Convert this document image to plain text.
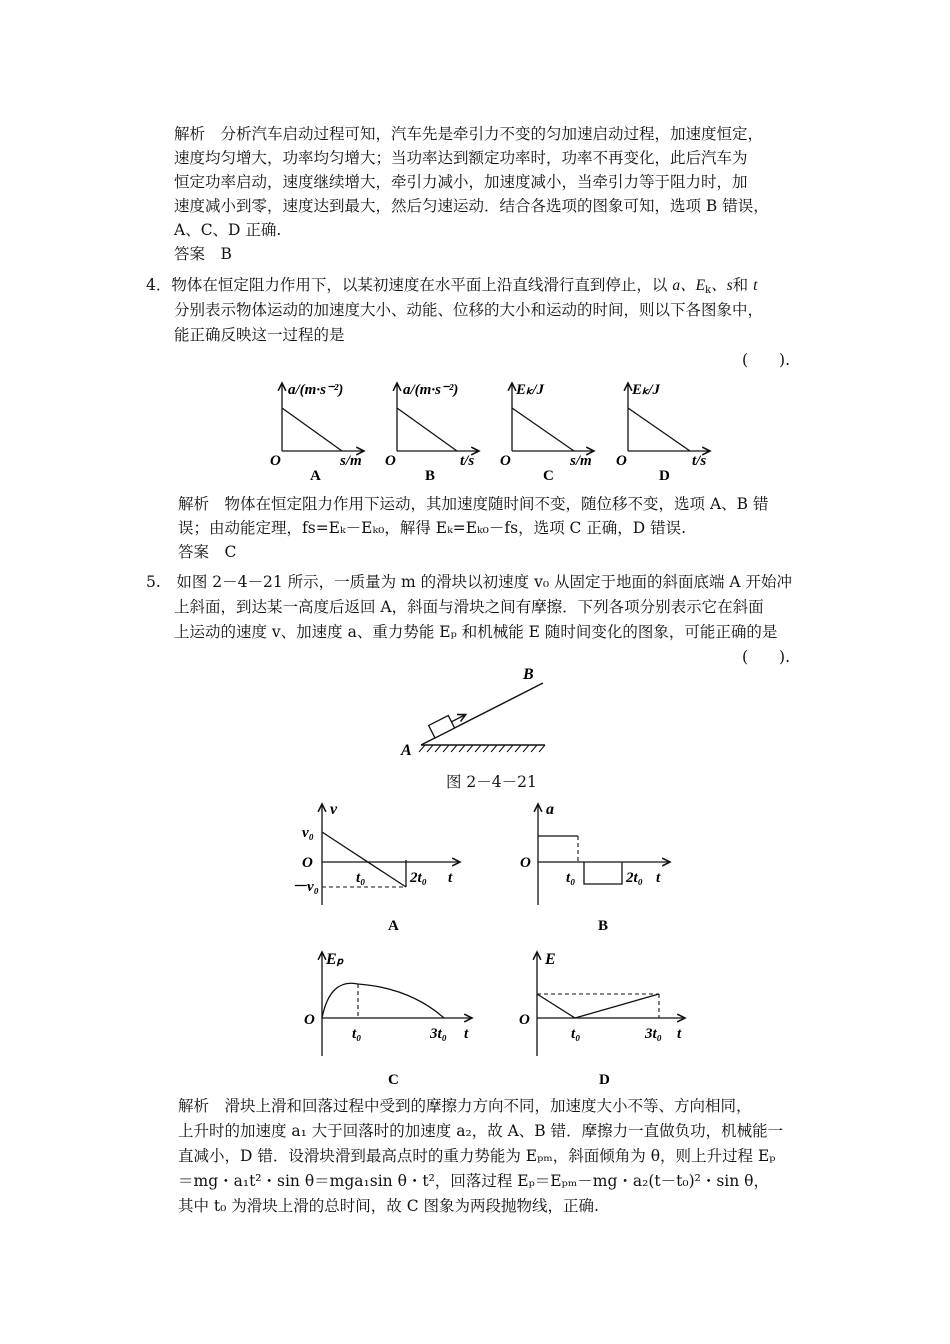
解析　 分析汽车启动过程可知，汽车先是牵引力不变的匀加速启动过程，加速度恒定，
速度均匀增大，功率均匀增大；当功率达到额定功率时，功率不再变化，此后汽车为
恒定功率启动，速度继续增大，牵引力减小，加速度减小，当牵引力等于阻力时，加
速度减小到零，速度达到最大，然后匀速运动．结合各选项的图象可知，选项 B 错误，
A、C、D 正确.
答案　 B
4．物体在恒定阻力作用下，以某初速度在水平面上沿直线滑行直到停止，以 a、$E_k$、s和 t
分别表示物体运动的加速度大小、动能、位移的大小和运动的时间，则以下各图象中，
能正确反映这一过程的是
(　　).
a/(m·s⁻²)
s/m
O
A
a/(m·s⁻²)
t/s
O
B
Eₖ/J
s/m
O
C
Eₖ/J
t/s
O
D
解析　 物体在恒定阻力作用下运动，其加速度随时间不变，随位移不变，选项 A、B 错
误；由动能定理，fs=Eₖ－Eₖ₀，解得 Eₖ=Eₖ₀－fs，选项 C 正确，D 错误.
答案　 C
5.　 如图 2－4－21 所示，一质量为 m 的滑块以初速度 v₀ 从固定于地面的斜面底端 A 开始冲
上斜面，到达某一高度后返回 A，斜面与滑块之间有摩擦．下列各项分别表示它在斜面
上运动的速度 v、加速度 a、重力势能 Eₚ 和机械能 E 随时间变化的图象，可能正确的是
(　　).
A
B
图 2－4－21
v
v₀
O
－v₀
t₀	2t₀ t
A
a
O
t₀	2t₀ t
B
Eₚ
O
t₀	3t₀ t
C
E
O
t₀	3t₀ t
D
解析　 滑块上滑和回落过程中受到的摩擦力方向不同，加速度大小不等、方向相同，
上升时的加速度 a₁ 大于回落时的加速度 a₂，故 A、B 错．摩擦力一直做负功，机械能一
直减小，D 错．设滑块滑到最高点时的重力势能为 Eₚₘ，斜面倾角为 θ，则上升过程 Eₚ
＝mg・a₁t²・sin θ＝mga₁sin θ・t²，回落过程 Eₚ＝Eₚₘ－mg・a₂(t－t₀)²・sin θ，
其中 t₀ 为滑块上滑的总时间，故 C 图象为两段抛物线，正确.
